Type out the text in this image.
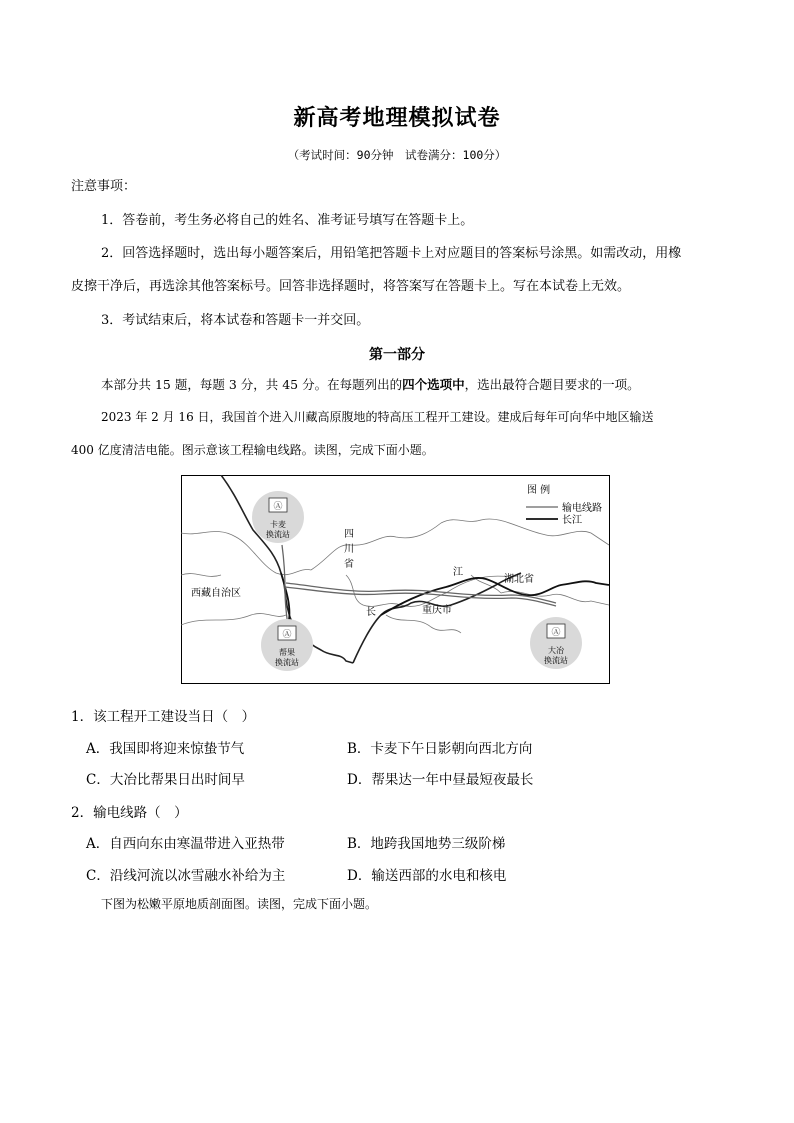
新高考地理模拟试卷
（考试时间：90分钟　试卷满分：100分）
注意事项：
1．答卷前，考生务必将自己的姓名、准考证号填写在答题卡上。
2．回答选择题时，选出每小题答案后，用铅笔把答题卡上对应题目的答案标号涂黑。如需改动，用橡
皮擦干净后，再选涂其他答案标号。回答非选择题时，将答案写在答题卡上。写在本试卷上无效。
3．考试结束后，将本试卷和答题卡一并交回。
第一部分
本部分共 15 题，每题 3 分，共 45 分。在每题列出的四个选项中，选出最符合题目要求的一项。
2023 年 2 月 16 日，我国首个进入川藏高原腹地的特高压工程开工建设。建成后每年可向华中地区输送
400 亿度清洁电能。图示意该工程输电线路。读图，完成下面小题。
Ⓐ
卡麦
换流站
Ⓐ
帮果
换流站
Ⓐ
大冶
换流站
西藏自治区
四
川
省
湖北省
重庆市
江
长
图 例
输电线路
长江
1．该工程开工建设当日（　）
A．我国即将迎来惊蛰节气	B．卡麦下午日影朝向西北方向
C．大冶比帮果日出时间早	D．帮果达一年中昼最短夜最长
2．输电线路（　）
A．自西向东由寒温带进入亚热带	B．地跨我国地势三级阶梯
C．沿线河流以冰雪融水补给为主	D．输送西部的水电和核电
下图为松嫩平原地质剖面图。读图，完成下面小题。
